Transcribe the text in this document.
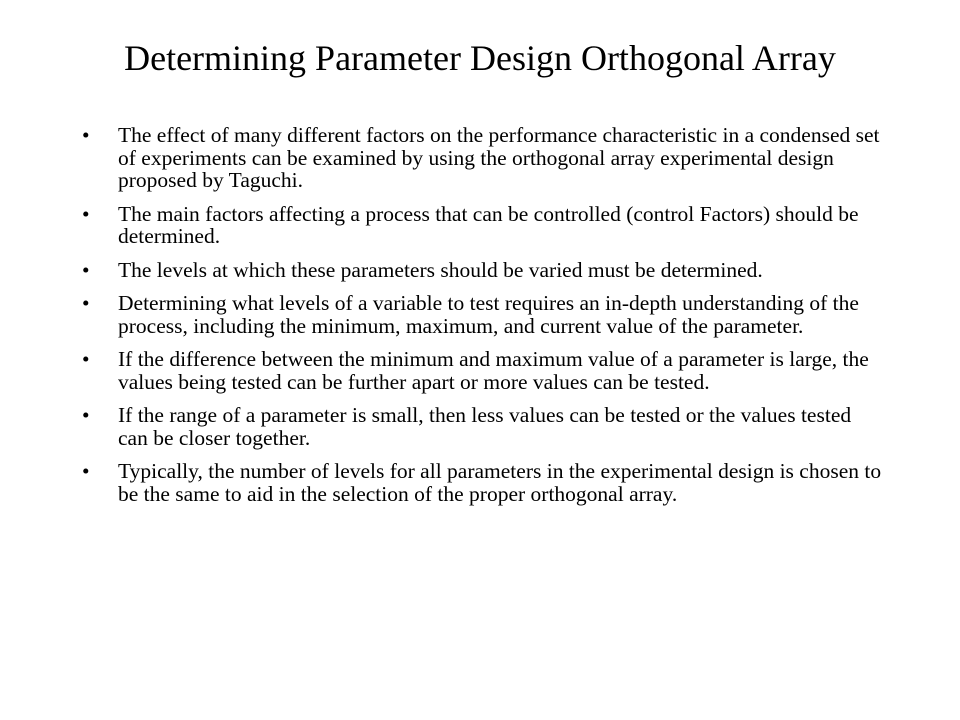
Determining Parameter Design Orthogonal Array
• The effect of many different factors on the performance characteristic in a condensed set of experiments can be examined by using the orthogonal array experimental design proposed by Taguchi.
• The main factors affecting a process that can be controlled (control Factors) should be determined.
• The levels at which these parameters should be varied must be determined.
• Determining what levels of a variable to test requires an in-depth understanding of the process, including the minimum, maximum, and current value of the parameter.
• If the difference between the minimum and maximum value of a parameter is large, the values being tested can be further apart or more values can be tested.
• If the range of a parameter is small, then less values can be tested or the values tested can be closer together.
• Typically, the number of levels for all parameters in the experimental design is chosen to be the same to aid in the selection of the proper orthogonal array.
